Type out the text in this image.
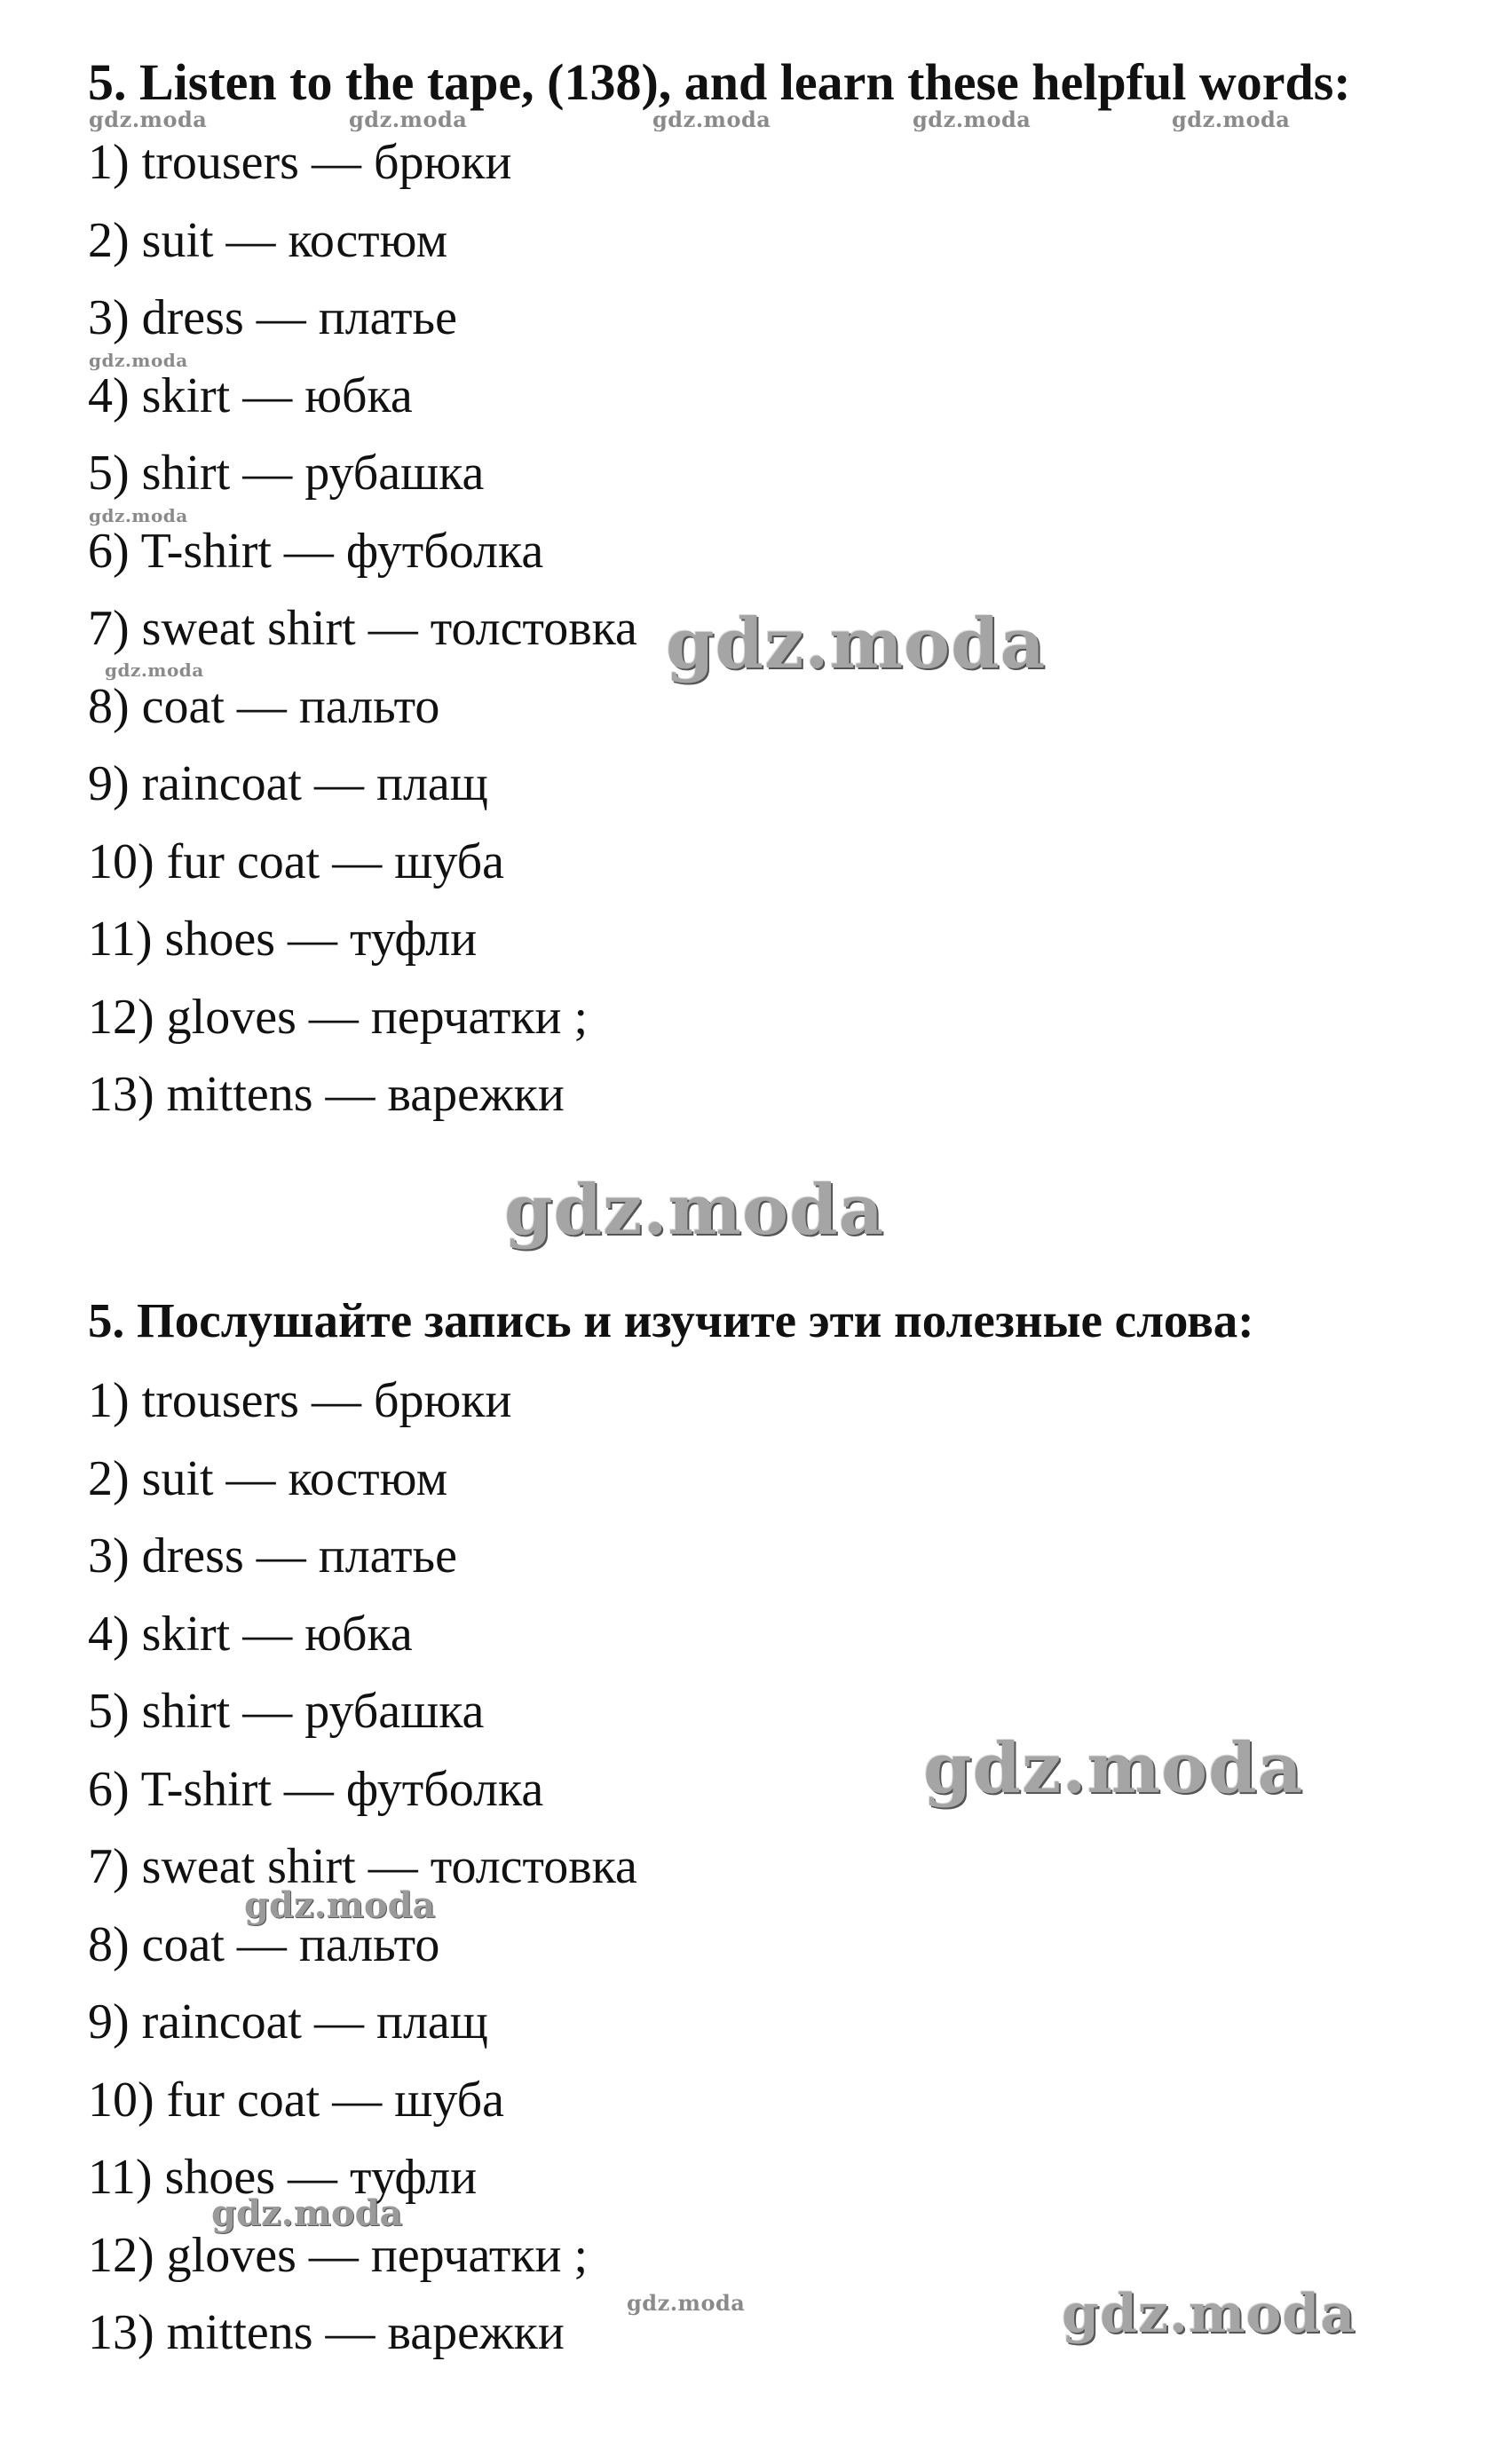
5. Listen to the tape, (138), and learn these helpful words:
1) trousers — брюки
2) suit — костюм
3) dress — платье
4) skirt — юбка
5) shirt — рубашка
6) T-shirt — футболка
7) sweat shirt — толстовка
8) coat — пальто
9) raincoat — плащ
10) fur coat — шуба
11) shoes — туфли
12) gloves — перчатки ;
13) mittens — варежки
5. Послушайте запись и изучите эти полезные слова:
1) trousers — брюки
2) suit — костюм
3) dress — платье
4) skirt — юбка
5) shirt — рубашка
6) T-shirt — футболка
7) sweat shirt — толстовка
8) coat — пальто
9) raincoat — плащ
10) fur coat — шуба
11) shoes — туфли
12) gloves — перчатки ;
13) mittens — варежки
gdz.moda	gdz.moda	gdz.moda	gdz.moda	gdz.moda
gdz.moda
gdz.moda
gdz.moda	gdz.moda
gdz.moda
gdz.moda
gdz.moda
gdz.moda
gdz.moda	gdz.moda
